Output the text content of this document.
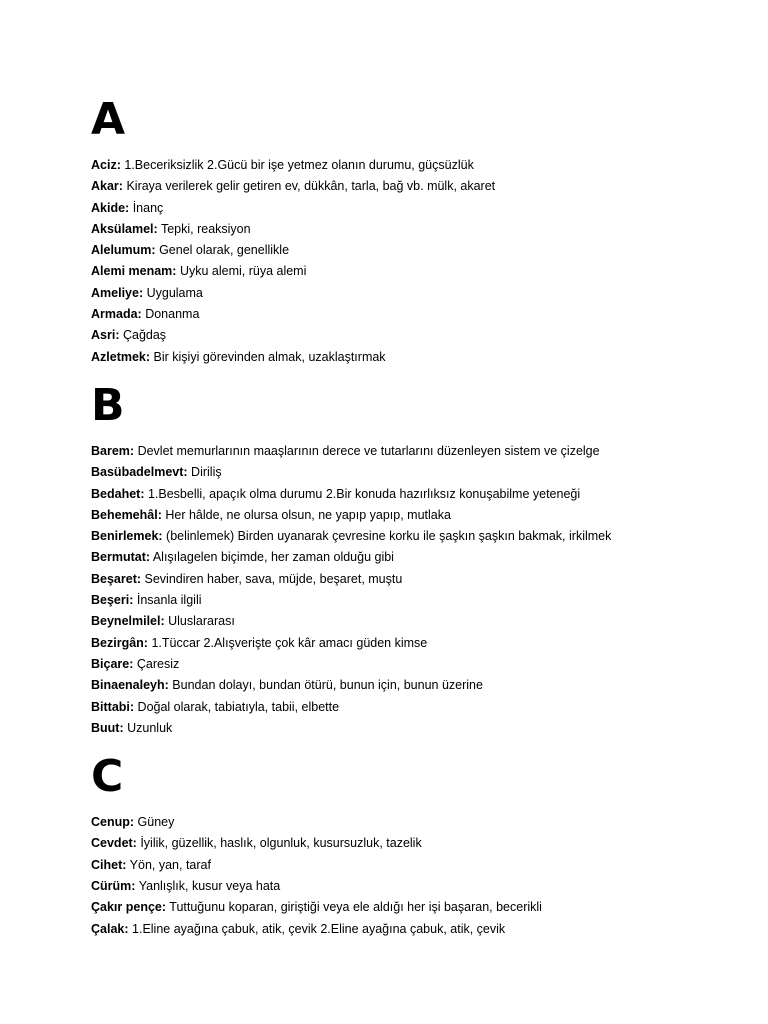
A
Aciz: 1.Beceriksizlik 2.Gücü bir işe yetmez olanın durumu, güçsüzlük
Akar: Kiraya verilerek gelir getiren ev, dükkân, tarla, bağ vb. mülk, akaret
Akide: İnanç
Aksülamel: Tepki, reaksiyon
Alelumum: Genel olarak, genellikle
Alemi menam: Uyku alemi, rüya alemi
Ameliye: Uygulama
Armada: Donanma
Asri: Çağdaş
Azletmek: Bir kişiyi görevinden almak, uzaklaştırmak
B
Barem: Devlet memurlarının maaşlarının derece ve tutarlarını düzenleyen sistem ve çizelge
Basübadelmevt: Diriliş
Bedahet: 1.Besbelli, apaçık olma durumu 2.Bir konuda hazırlıksız konuşabilme yeteneği
Behemehâl: Her hâlde, ne olursa olsun, ne yapıp yapıp, mutlaka
Benirlemek: (belinlemek) Birden uyanarak çevresine korku ile şaşkın şaşkın bakmak, irkilmek
Bermutat: Alışılagelen biçimde, her zaman olduğu gibi
Beşaret: Sevindiren haber, sava, müjde, beşaret, muştu
Beşeri: İnsanla ilgili
Beynelmilel: Uluslararası
Bezirgân: 1.Tüccar 2.Alışverişte çok kâr amacı güden kimse
Biçare: Çaresiz
Binaenaleyh: Bundan dolayı, bundan ötürü, bunun için, bunun üzerine
Bittabi: Doğal olarak, tabiatıyla, tabii, elbette
Buut: Uzunluk
C
Cenup: Güney
Cevdet: İyilik, güzellik, haslık, olgunluk, kusursuzluk, tazelik
Cihet: Yön, yan, taraf
Cürüm: Yanlışlık, kusur veya hata
Çakır pençe: Tuttuğunu koparan, giriştiği veya ele aldığı her işi başaran, becerikli
Çalak: 1.Eline ayağına çabuk, atik, çevik 2.Eline ayağına çabuk, atik, çevik
